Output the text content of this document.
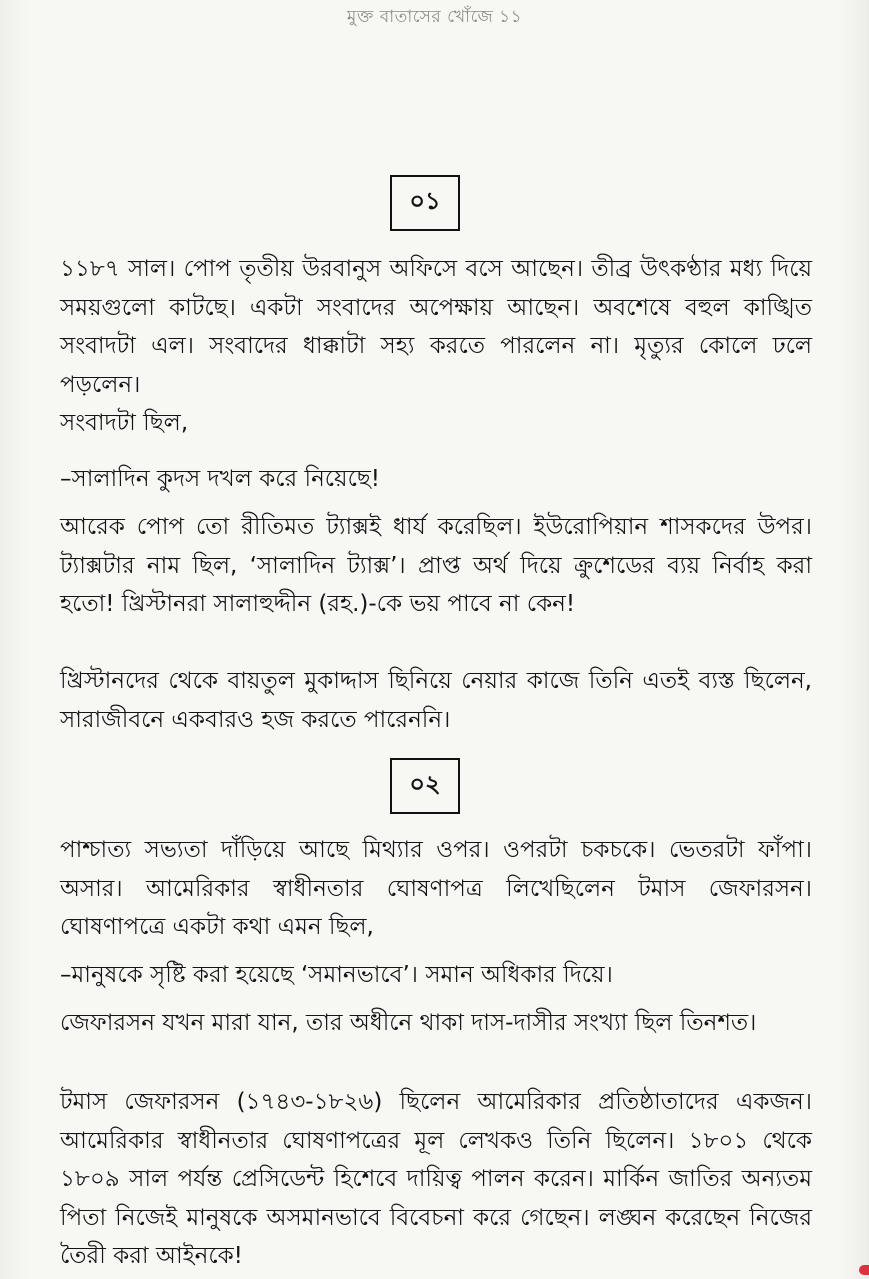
মুক্ত বাতাসের খোঁজে ১১
০১

১১৮৭ সাল। পোপ তৃতীয় উরবানুস অফিসে বসে আছেন। তীব্র উৎকণ্ঠার মধ্য দিয়ে সময়গুলো কাটছে। একটা সংবাদের অপেক্ষায় আছেন। অবশেষে বহুল কাঙ্খিত সংবাদটা এল। সংবাদের ধাক্কাটা সহ্য করতে পারলেন না। মৃত্যুর কোলে ঢলে পড়লেন।

সংবাদটা ছিল,

–সালাদিন কুদস দখল করে নিয়েছে!

আরেক পোপ তো রীতিমত ট্যাক্সই ধার্য করেছিল। ইউরোপিয়ান শাসকদের উপর। ট্যাক্সটার নাম ছিল, ‘সালাদিন ট্যাক্স’। প্রাপ্ত অর্থ দিয়ে ক্রুশেডের ব্যয় নির্বাহ করা হতো! খ্রিস্টানরা সালাহুদ্দীন (রহ.)-কে ভয় পাবে না কেন!

খ্রিস্টানদের থেকে বায়তুল মুকাদ্দাস ছিনিয়ে নেয়ার কাজে তিনি এতই ব্যস্ত ছিলেন, সারাজীবনে একবারও হজ করতে পারেননি।

০২

পাশ্চাত্য সভ্যতা দাঁড়িয়ে আছে মিথ্যার ওপর। ওপরটা চকচকে। ভেতরটা ফাঁপা। অসার। আমেরিকার স্বাধীনতার ঘোষণাপত্র লিখেছিলেন টমাস জেফারসন। ঘোষণাপত্রে একটা কথা এমন ছিল,

–মানুষকে সৃষ্টি করা হয়েছে ‘সমানভাবে’। সমান অধিকার দিয়ে।

জেফারসন যখন মারা যান, তার অধীনে থাকা দাস-দাসীর সংখ্যা ছিল তিনশত।

টমাস জেফারসন (১৭৪৩-১৮২৬) ছিলেন আমেরিকার প্রতিষ্ঠাতাদের একজন। আমেরিকার স্বাধীনতার ঘোষণাপত্রের মূল লেখকও তিনি ছিলেন। ১৮০১ থেকে ১৮০৯ সাল পর্যন্ত প্রেসিডেন্ট হিশেবে দায়িত্ব পালন করেন। মার্কিন জাতির অন্যতম পিতা নিজেই মানুষকে অসমানভাবে বিবেচনা করে গেছেন। লঙ্ঘন করেছেন নিজের তৈরী করা আইনকে!
